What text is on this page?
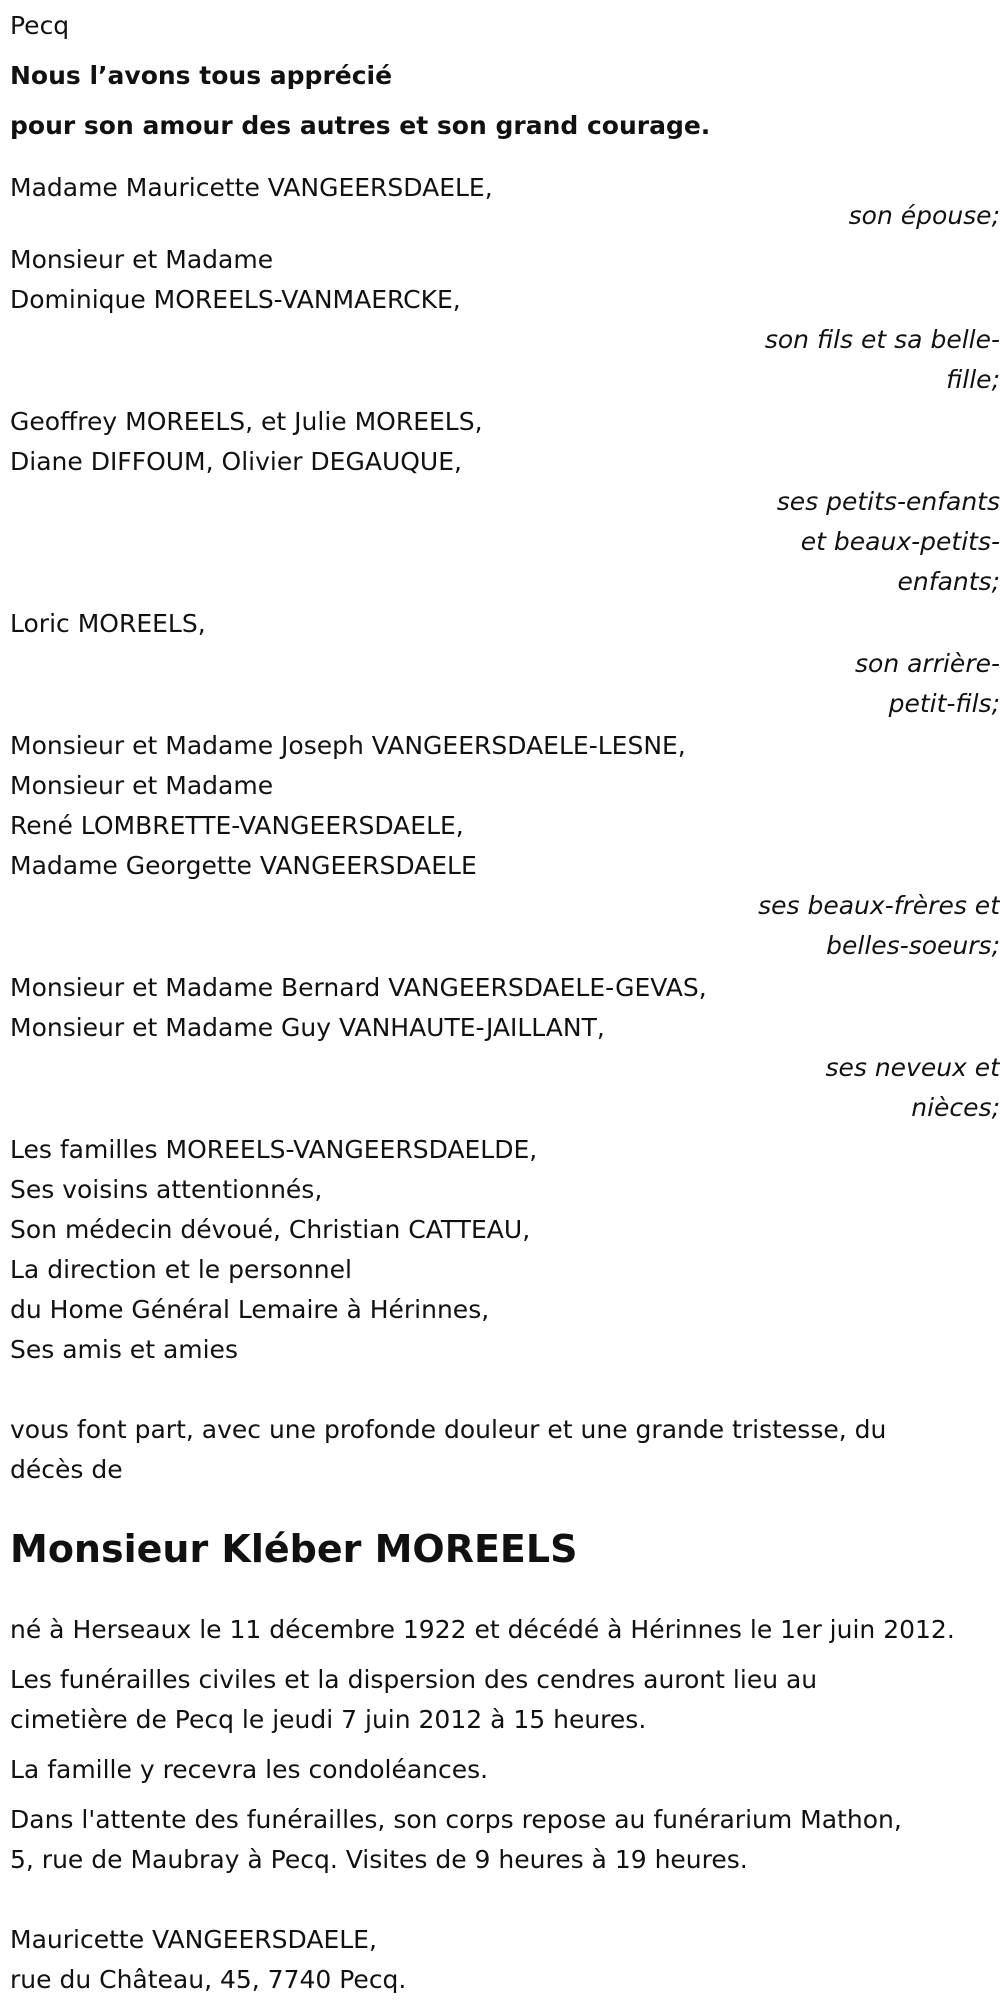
Pecq
Nous l’avons tous apprécié
pour son amour des autres et son grand courage.
Madame Mauricette VANGEERSDAELE,
son épouse;
Monsieur et Madame
Dominique MOREELS-VANMAERCKE,
son fils et sa belle-
fille;
Geoffrey MOREELS, et Julie MOREELS,
Diane DIFFOUM, Olivier DEGAUQUE,
ses petits-enfants
et beaux-petits-
enfants;
Loric MOREELS,
son arrière-
petit-fils;
Monsieur et Madame Joseph VANGEERSDAELE-LESNE,
Monsieur et Madame
René LOMBRETTE-VANGEERSDAELE,
Madame Georgette VANGEERSDAELE
ses beaux-frères et
belles-soeurs;
Monsieur et Madame Bernard VANGEERSDAELE-GEVAS,
Monsieur et Madame Guy VANHAUTE-JAILLANT,
ses neveux et
nièces;
Les familles MOREELS-VANGEERSDAELDE,
Ses voisins attentionnés,
Son médecin dévoué, Christian CATTEAU,
La direction et le personnel
du Home Général Lemaire à Hérinnes,
Ses amis et amies
vous font part, avec une profonde douleur et une grande tristesse, du
décès de
Monsieur Kléber MOREELS
né à Herseaux le 11 décembre 1922 et décédé à Hérinnes le 1er juin 2012.
Les funérailles civiles et la dispersion des cendres auront lieu au
cimetière de Pecq le jeudi 7 juin 2012 à 15 heures.
La famille y recevra les condoléances.
Dans l'attente des funérailles, son corps repose au funérarium Mathon,
5, rue de Maubray à Pecq. Visites de 9 heures à 19 heures.
Mauricette VANGEERSDAELE,
rue du Château, 45, 7740 Pecq.
